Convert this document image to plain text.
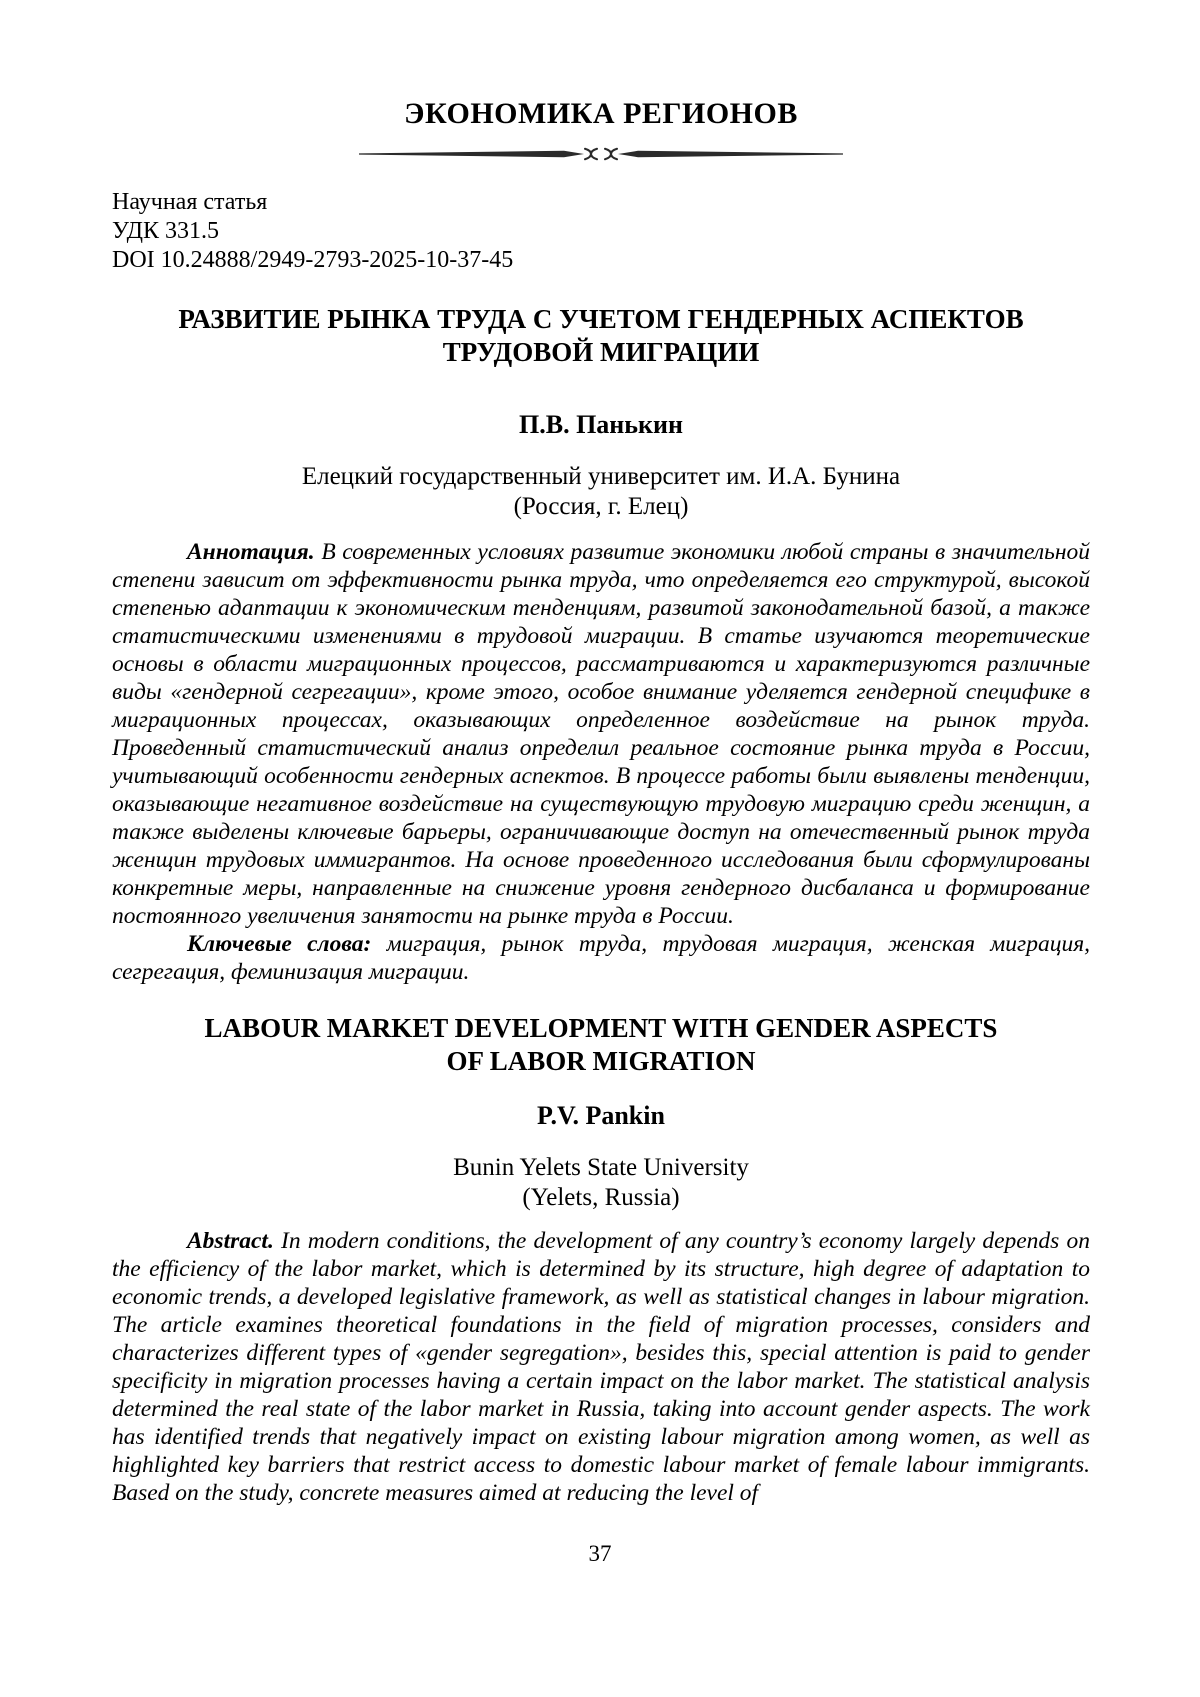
ЭКОНОМИКА РЕГИОНОВ
Научная статья
УДК 331.5
DOI 10.24888/2949-2793-2025-10-37-45
РАЗВИТИЕ РЫНКА ТРУДА С УЧЕТОМ ГЕНДЕРНЫХ АСПЕКТОВ
ТРУДОВОЙ МИГРАЦИИ
П.В. Панькин
Елецкий государственный университет им. И.А. Бунина
(Россия, г. Елец)

Аннотация. В современных условиях развитие экономики любой страны в значительной степени зависит от эффективности рынка труда, что определяется его структурой, высокой степенью адаптации к экономическим тенденциям, развитой законодательной базой, а также статистическими изменениями в трудовой миграции. В статье изучаются теоретические основы в области миграционных процессов, рассматриваются и характеризуются различные виды «гендерной сегрегации», кроме этого, особое внимание уделяется гендерной специфике в миграционных процессах, оказывающих определенное воздействие на рынок труда. Проведенный статистический анализ определил реальное состояние рынка труда в России, учитывающий особенности гендерных аспектов. В процессе работы были выявлены тенденции, оказывающие негативное воздействие на существующую трудовую миграцию среди женщин, а также выделены ключевые барьеры, ограничивающие доступ на отечественный рынок труда женщин трудовых иммигрантов. На основе проведенного исследования были сформулированы конкретные меры, направленные на снижение уровня гендерного дисбаланса и формирование постоянного увеличения занятости на рынке труда в России.

Ключевые слова: миграция, рынок труда, трудовая миграция, женская миграция, сегрегация, феминизация миграции.

LABOUR MARKET DEVELOPMENT WITH GENDER ASPECTS
OF LABOR MIGRATION
P.V. Pankin
Bunin Yelets State University
(Yelets, Russia)

Abstract. In modern conditions, the development of any country’s economy largely depends on the efficiency of the labor market, which is determined by its structure, high degree of adaptation to economic trends, a developed legislative framework, as well as statistical changes in labour migration. The article examines theoretical foundations in the field of migration processes, considers and characterizes different types of «gender segregation», besides this, special attention is paid to gender specificity in migration processes having a certain impact on the labor market. The statistical analysis determined the real state of the labor market in Russia, taking into account gender aspects. The work has identified trends that negatively impact on existing labour migration among women, as well as highlighted key barriers that restrict access to domestic labour market of female labour immigrants. Based on the study, concrete measures aimed at reducing the level of

37
